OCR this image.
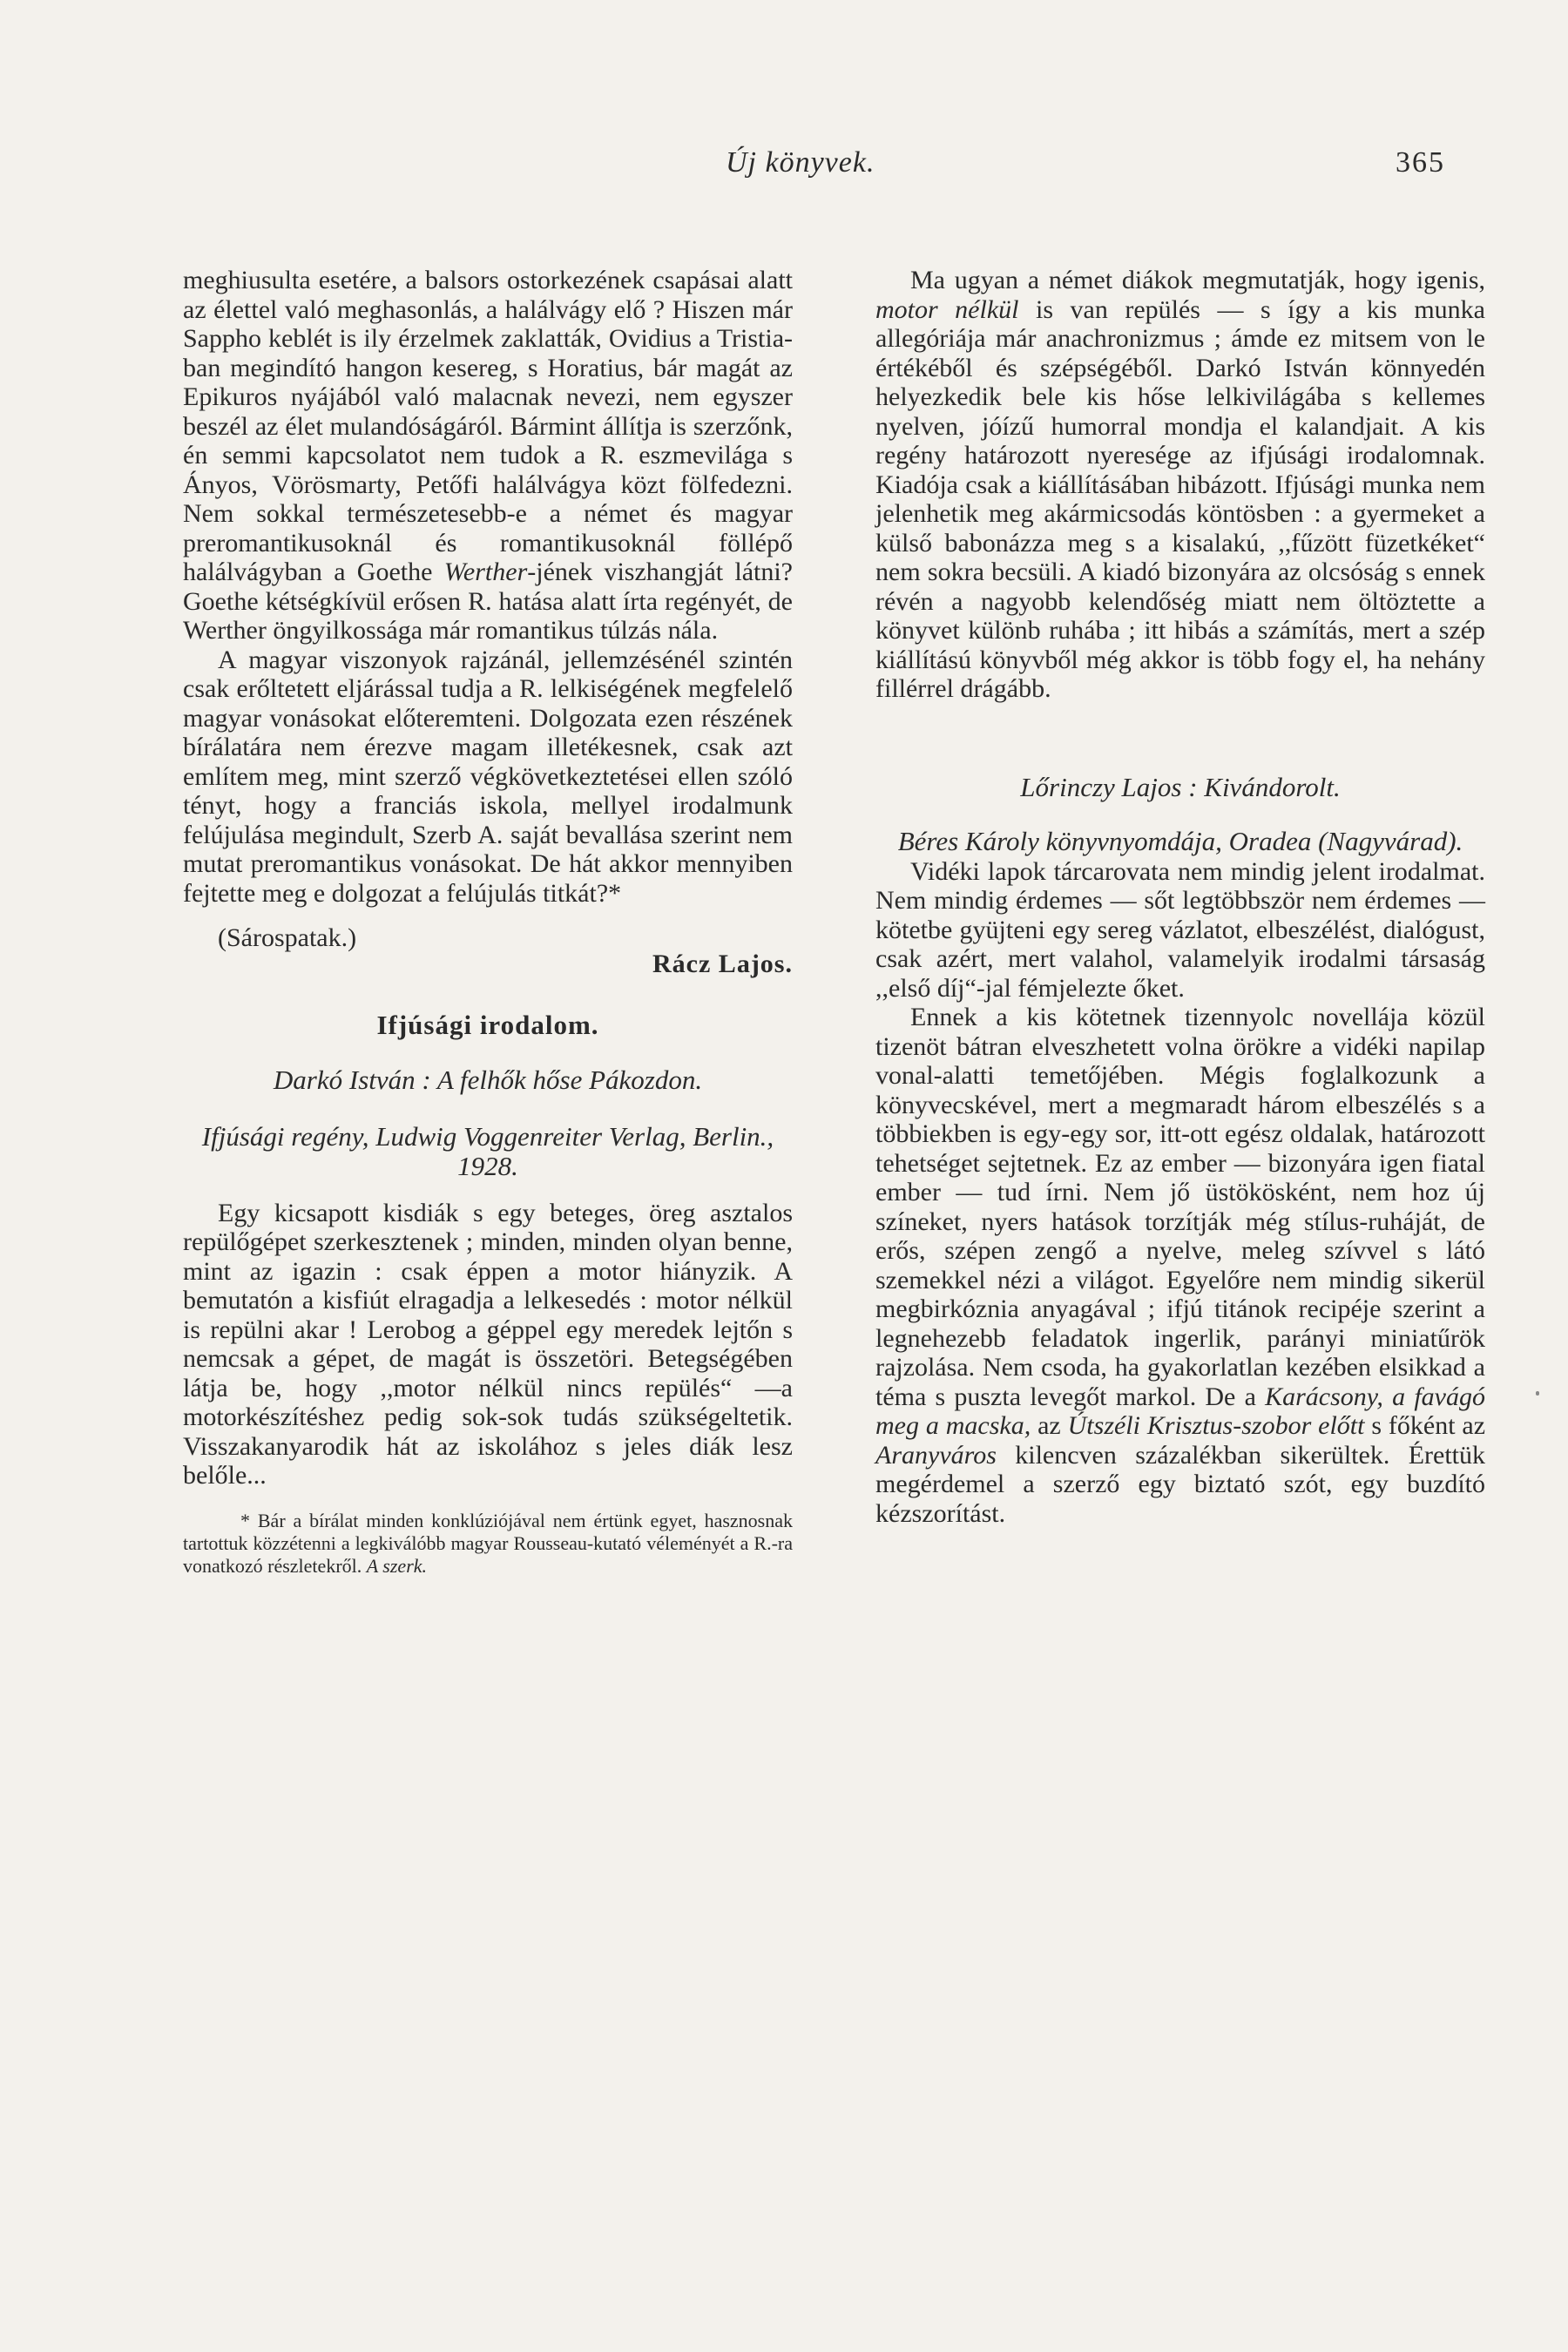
Új könyvek.	365

meghiusulta esetére, a balsors ostorkezének csapásai alatt az élettel való meghasonlás, a halálvágy elő ? Hiszen már Sappho keblét is ily érzelmek zaklatták, Ovidius a Tristia-ban megindító hangon kesereg, s Horatius, bár magát az Epikuros nyájából való malacnak nevezi, nem egyszer beszél az élet mulandóságáról. Bármint állítja is szerzőnk, én semmi kapcsolatot nem tudok a R. eszmevilága s Ányos, Vörösmarty, Petőfi halálvágya közt fölfedezni. Nem sokkal természetesebb-e a német és magyar preromantikusoknál és romantikusoknál föllépő halálvágyban a Goethe Werther-jének viszhangját látni? Goethe kétségkívül erősen R. hatása alatt írta regényét, de Werther öngyilkossága már romantikus túlzás nála.

A magyar viszonyok rajzánál, jellemzésénél szintén csak erőltetett eljárással tudja a R. lelkiségének megfelelő magyar vonásokat előteremteni. Dolgozata ezen részének bírálatára nem érezve magam illetékesnek, csak azt említem meg, mint szerző végkövetkeztetései ellen szóló tényt, hogy a franciás iskola, mellyel irodalmunk felújulása megindult, Szerb A. saját bevallása szerint nem mutat preromantikus vonásokat. De hát akkor mennyiben fejtette meg e dolgozat a felújulás titkát?*

(Sárospatak.)
Rácz Lajos.
Ifjúsági irodalom.
Darkó István : A felhők hőse Pákozdon.
Ifjúsági regény, Ludwig Voggenreiter Verlag, Berlin., 1928.

Egy kicsapott kisdiák s egy beteges, öreg asztalos repülőgépet szerkesztenek ; minden, minden olyan benne, mint az igazin : csak éppen a motor hiányzik. A bemutatón a kisfiút elragadja a lelkesedés : motor nélkül is repülni akar ! Lerobog a géppel egy meredek lejtőn s nemcsak a gépet, de magát is összetöri. Betegségében látja be, hogy ,,motor nélkül nincs repülés“ —a motorkészítéshez pedig sok-sok tudás szükségeltetik. Visszakanyarodik hát az iskolához s jeles diák lesz belőle...

* Bár a bírálat minden konklúziójával nem értünk egyet, hasznosnak tartottuk közzétenni a legkiválóbb magyar Rousseau-kutató véleményét a R.-ra vonatkozó részletekről. A szerk.

Ma ugyan a német diákok megmutatják, hogy igenis, motor nélkül is van repülés — s így a kis munka allegóriája már anachronizmus ; ámde ez mitsem von le értékéből és szépségéből. Darkó István könnyedén helyezkedik bele kis hőse lelkivilágába s kellemes nyelven, jóízű humorral mondja el kalandjait. A kis regény határozott nyeresége az ifjúsági irodalomnak. Kiadója csak a kiállításában hibázott. Ifjúsági munka nem jelenhetik meg akármicsodás köntösben : a gyermeket a külső babonázza meg s a kisalakú, ,,fűzött füzetkéket“ nem sokra becsüli. A kiadó bizonyára az olcsóság s ennek révén a nagyobb kelendőség miatt nem öltöztette a könyvet különb ruhába ; itt hibás a számítás, mert a szép kiállítású könyvből még akkor is több fogy el, ha nehány fillérrel drágább.

Lőrinczy Lajos : Kivándorolt.
Béres Károly könyvnyomdája, Oradea (Nagyvárad).

Vidéki lapok tárcarovata nem mindig jelent irodalmat. Nem mindig érdemes — sőt legtöbbször nem érdemes — kötetbe gyüjteni egy sereg vázlatot, elbeszélést, dialógust, csak azért, mert valahol, valamelyik irodalmi társaság ,,első díj“-jal fémjelezte őket.

Ennek a kis kötetnek tizennyolc novellája közül tizenöt bátran elveszhetett volna örökre a vidéki napilap vonal-alatti temetőjében. Mégis foglalkozunk a könyvecskével, mert a megmaradt három elbeszélés s a többiekben is egy-egy sor, itt-ott egész oldalak, határozott tehetséget sejtetnek. Ez az ember — bizonyára igen fiatal ember — tud írni. Nem jő üstökösként, nem hoz új színeket, nyers hatások torzítják még stílus-ruháját, de erős, szépen zengő a nyelve, meleg szívvel s látó szemekkel nézi a világot. Egyelőre nem mindig sikerül megbirkóznia anyagával ; ifjú titánok recipéje szerint a legnehezebb feladatok ingerlik, parányi miniatűrök rajzolása. Nem csoda, ha gyakorlatlan kezében elsikkad a téma s puszta levegőt markol. De a Karácsony, a favágó meg a macska, az Útszéli Krisztus-szobor előtt s főként az Aranyváros kilencven százalékban sikerültek. Érettük megérdemel a szerző egy biztató szót, egy buzdító kézszorítást.
